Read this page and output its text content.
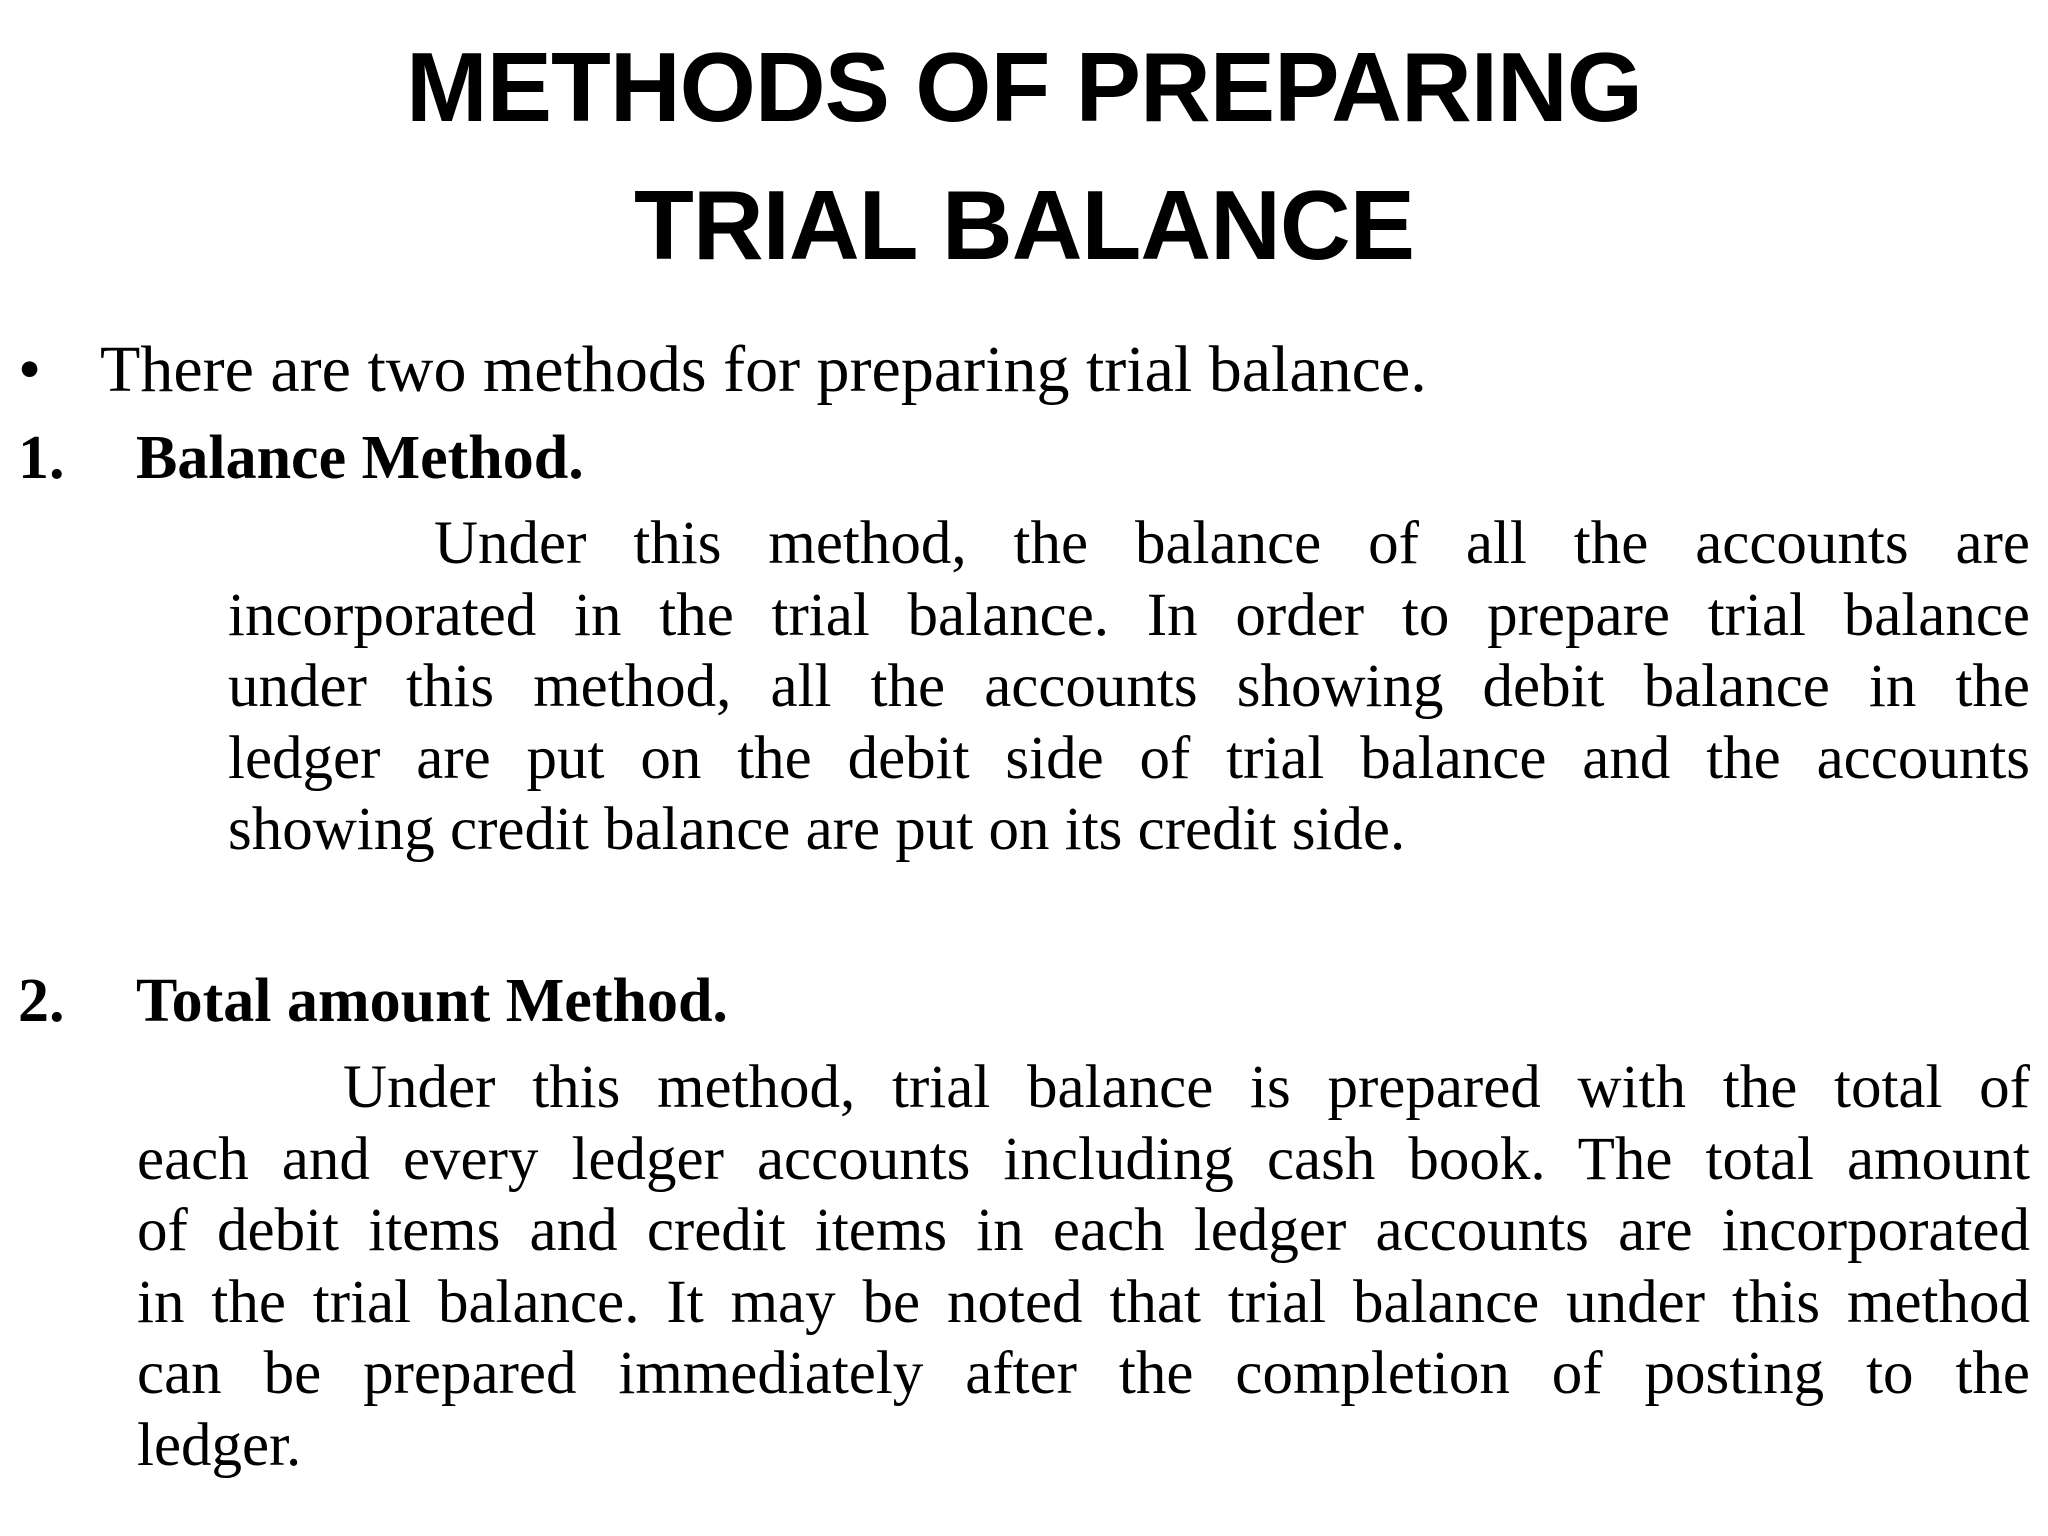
METHODS OF PREPARING
TRIAL BALANCE
• There are two methods for preparing trial balance.
1. Balance Method.
Under this method, the balance of all the accounts are
incorporated in the trial balance. In order to prepare trial balance
under this method, all the accounts showing debit balance in the
ledger are put on the debit side of trial balance and the accounts
showing credit balance are put on its credit side.
2. Total amount Method.
Under this method, trial balance is prepared with the total of
each and every ledger accounts including cash book. The total amount
of debit items and credit items in each ledger accounts are incorporated
in the trial balance. It may be noted that trial balance under this method
can be prepared immediately after the completion of posting to the
ledger.
